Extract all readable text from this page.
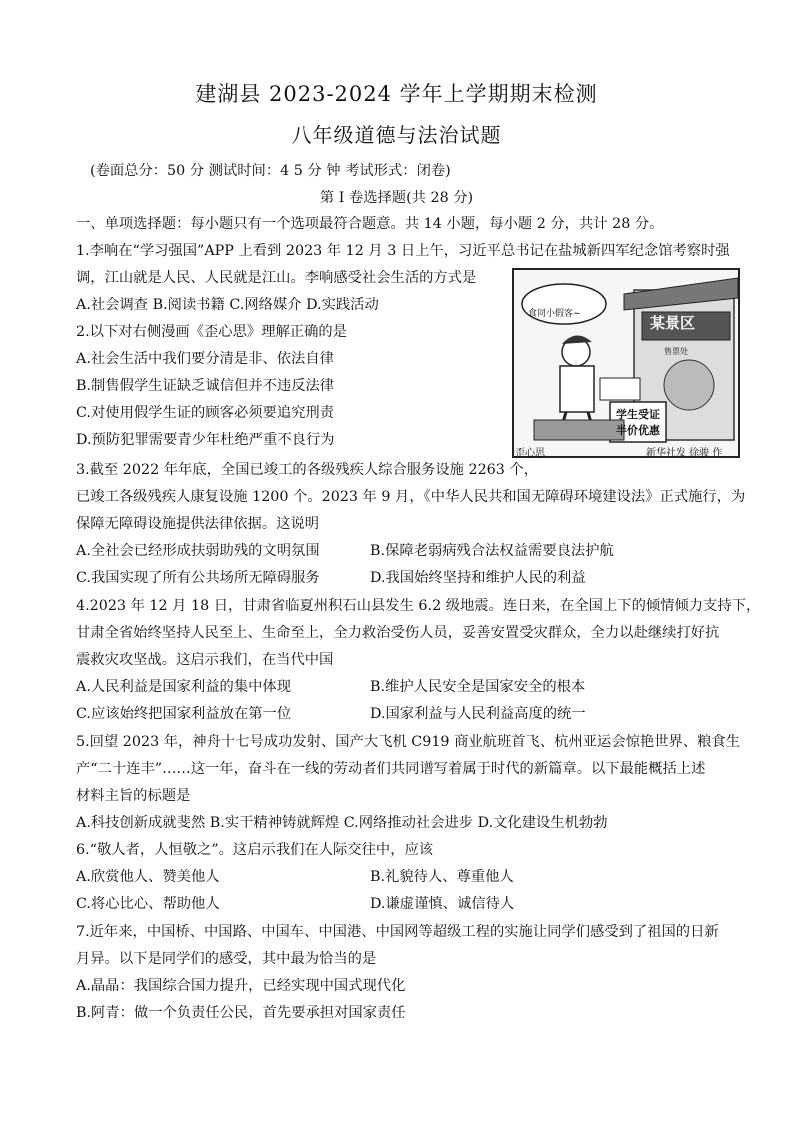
建湖县 2023-2024 学年上学期期末检测
八年级道德与法治试题
(卷面总分：50 分 测试时间：4 5 分 钟 考试形式：闭卷)
第 I 卷选择题(共 28 分)
一、单项选择题：每小题只有一个选项最符合题意。共 14 小题，每小题 2 分，共计 28 分。
1.李响在“学习强国”APP 上看到 2023 年 12 月 3 日上午，习近平总书记在盐城新四军纪念馆考察时强
调，江山就是人民、人民就是江山。李响感受社会生活的方式是
A.社会调查 B.阅读书籍 C.网络媒介 D.实践活动
2.以下对右侧漫画《歪心思》理解正确的是
A.社会生活中我们要分清是非、依法自律
B.制售假学生证缺乏诚信但并不违反法律
C.对使用假学生证的顾客必须要追究刑责
D.预防犯罪需要青少年杜绝严重不良行为
食同小假客~	某景区
售票处
学生受证
半价优惠
歪心思	新华社发 徐骏 作
3.截至 2022 年年底，全国已竣工的各级残疾人综合服务设施 2263 个，
已竣工各级残疾人康复设施 1200 个。2023 年 9 月，《中华人民共和国无障碍环境建设法》正式施行，为
保障无障碍设施提供法律依据。这说明
A.全社会已经形成扶弱助残的文明氛围	B.保障老弱病残合法权益需要良法护航
C.我国实现了所有公共场所无障碍服务	D.我国始终坚持和维护人民的利益
4.2023 年 12 月 18 日，甘肃省临夏州积石山县发生 6.2 级地震。连日来，在全国上下的倾情倾力支持下，
甘肃全省始终坚持人民至上、生命至上，全力救治受伤人员，妥善安置受灾群众，全力以赴继续打好抗
震救灾攻坚战。这启示我们，在当代中国
A.人民利益是国家利益的集中体现	B.维护人民安全是国家安全的根本
C.应该始终把国家利益放在第一位	D.国家利益与人民利益高度的统一
5.回望 2023 年，神舟十七号成功发射、国产大飞机 C919 商业航班首飞、杭州亚运会惊艳世界、粮食生
产“二十连丰”……这一年，奋斗在一线的劳动者们共同谱写着属于时代的新篇章。以下最能概括上述
材料主旨的标题是
A.科技创新成就斐然 B.实干精神铸就辉煌 C.网络推动社会进步 D.文化建设生机勃勃
6.“敬人者，人恒敬之”。这启示我们在人际交往中，应该
A.欣赏他人、赞美他人	B.礼貌待人、尊重他人
C.将心比心、帮助他人	D.谦虚谨慎、诚信待人
7.近年来，中国桥、中国路、中国车、中国港、中国网等超级工程的实施让同学们感受到了祖国的日新
月异。以下是同学们的感受，其中最为恰当的是
A.晶晶：我国综合国力提升，已经实现中国式现代化
B.阿青：做一个负责任公民，首先要承担对国家责任
